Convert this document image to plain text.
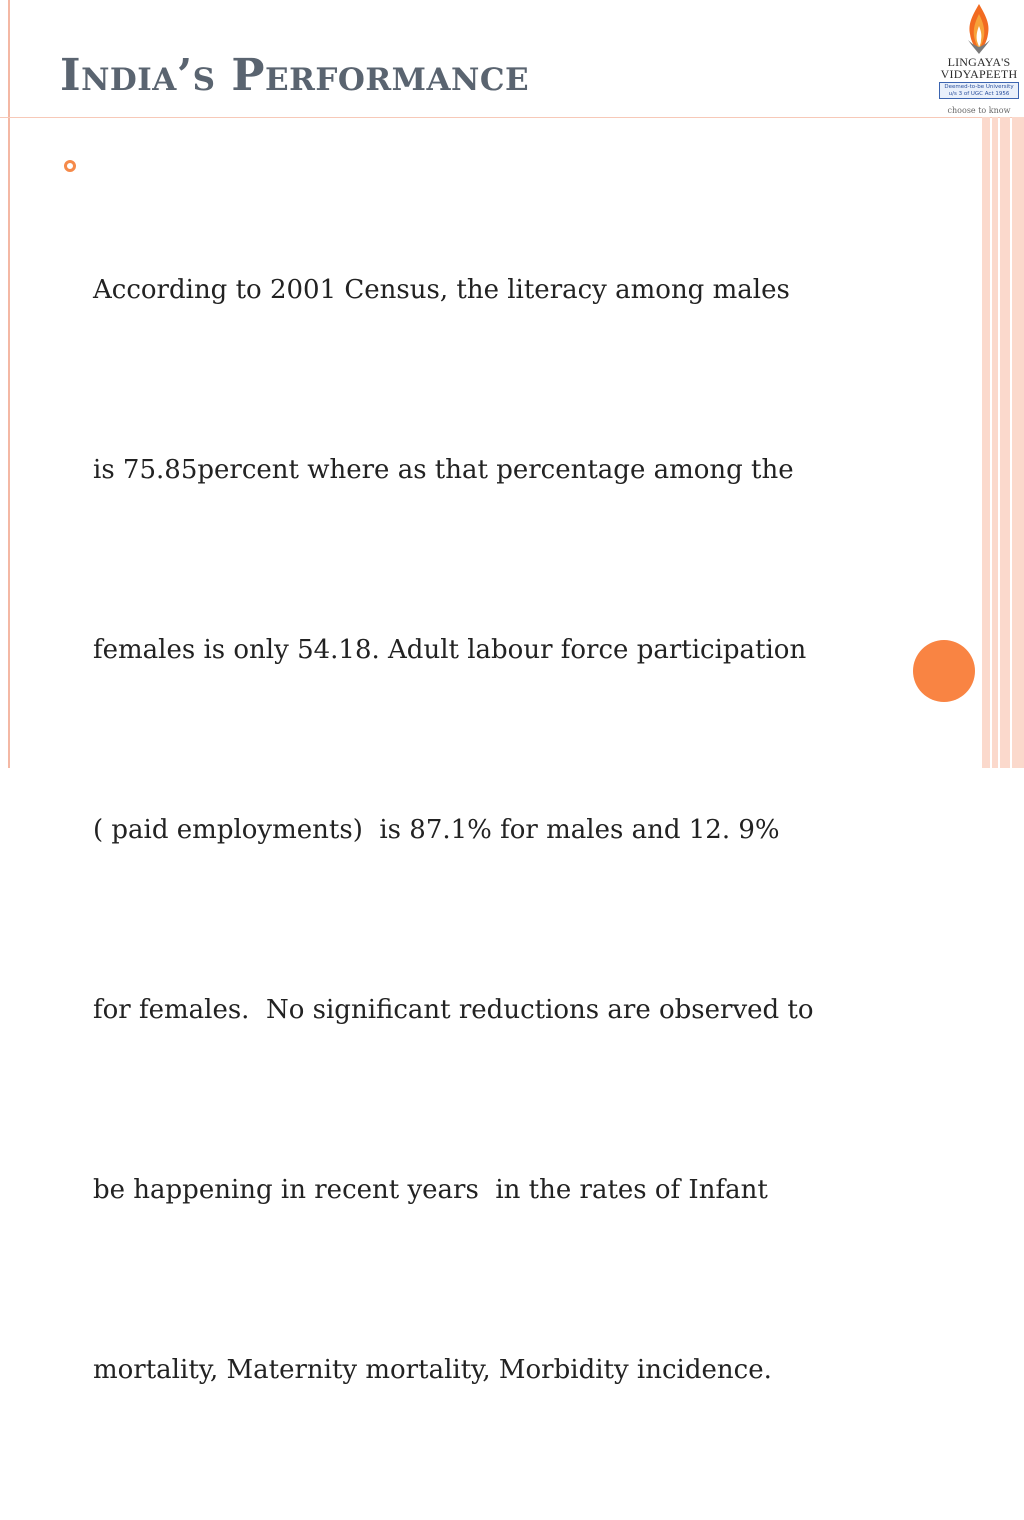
India’s Performance	LINGAYA'S
VIDYAPEETH
Deemed-to-be University
u/s 3 of UGC Act 1956
choose to know

According to 2001 Census, the literacy among males

is 75.85percent where as that percentage among the

females is only 54.18. Adult labour force participation

( paid employments)  is 87.1% for males and 12. 9%

for females.  No significant reductions are observed to

be happening in recent years  in the rates of Infant

mortality, Maternity mortality, Morbidity incidence.
